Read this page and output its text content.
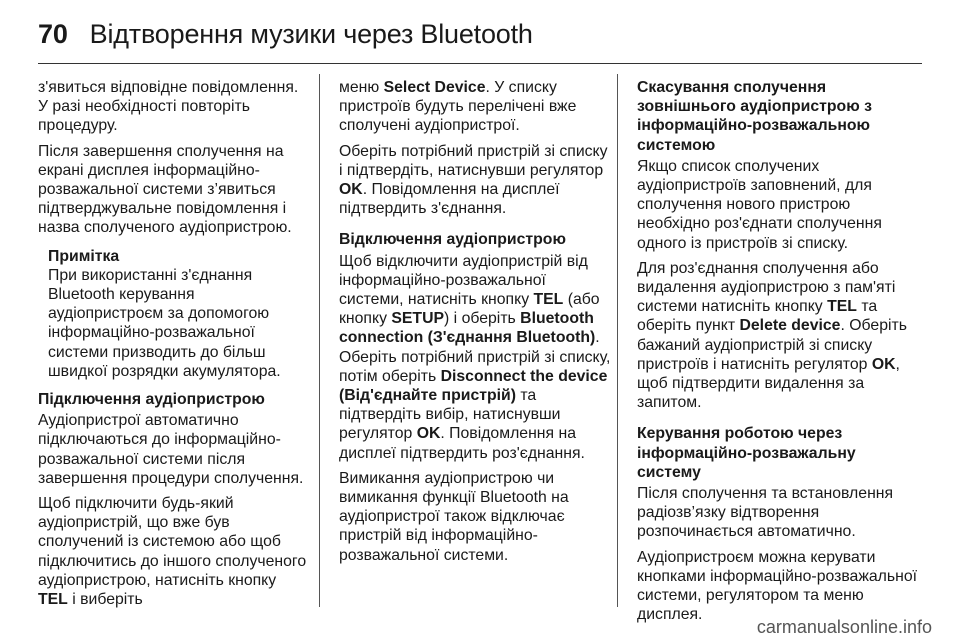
70 Відтворення музики через Bluetooth

з'явиться відповідне повідомлення. У разі необхідності повторіть процедуру.

Після завершення сполучення на екрані дисплея інформаційно-розважальної системи з’явиться підтверджувальне повідомлення і назва сполученого аудіопристрою.

Примітка
При використанні з'єднання Bluetooth керування аудіопристроєм за допомогою інформаційно-розважальної системи призводить до більш швидкої розрядки акумулятора.
Підключення аудіопристрою

Аудіопристрої автоматично підключаються до інформаційно-розважальної системи після завершення процедури сполучення.

Щоб підключити будь-який аудіопристрій, що вже був сполучений із системою або щоб підключитись до іншого сполученого аудіопристрою, натисніть кнопку TEL і виберіть

меню Select Device. У списку пристроїв будуть перелічені вже сполучені аудіопристрої.

Оберіть потрібний пристрій зі списку і підтвердіть, натиснувши регулятор OK. Повідомлення на дисплеї підтвердить з'єднання.

Відключення аудіопристрою

Щоб відключити аудіопристрій від інформаційно-розважальної системи, натисніть кнопку TEL (або кнопку SETUP) і оберіть Bluetooth connection (З'єднання Bluetooth). Оберіть потрібний пристрій зі списку, потім оберіть Disconnect the device (Від'єднайте пристрій) та підтвердіть вибір, натиснувши регулятор OK. Повідомлення на дисплеї підтвердить роз'єднання.

Вимикання аудіопристрою чи вимикання функції Bluetooth на аудіопристрої також відключає пристрій від інформаційно-розважальної системи.

Скасування сполучення зовнішнього аудіопристрою з інформаційно-розважальною системою

Якщо список сполучених аудіопристроїв заповнений, для сполучення нового пристрою необхідно роз'єднати сполучення одного із пристроїв зі списку.

Для роз'єднання сполучення або видалення аудіопристрою з пам'яті системи натисніть кнопку TEL та оберіть пункт Delete device. Оберіть бажаний аудіопристрій зі списку пристроїв і натисніть регулятор OK, щоб підтвердити видалення за запитом.

Керування роботою через інформаційно-розважальну систему

Після сполучення та встановлення радіозв’язку відтворення розпочинається автоматично.

Аудіопристроєм можна керувати кнопками інформаційно-розважальної системи, регулятором та меню дисплея.

carmanualsonline.info
